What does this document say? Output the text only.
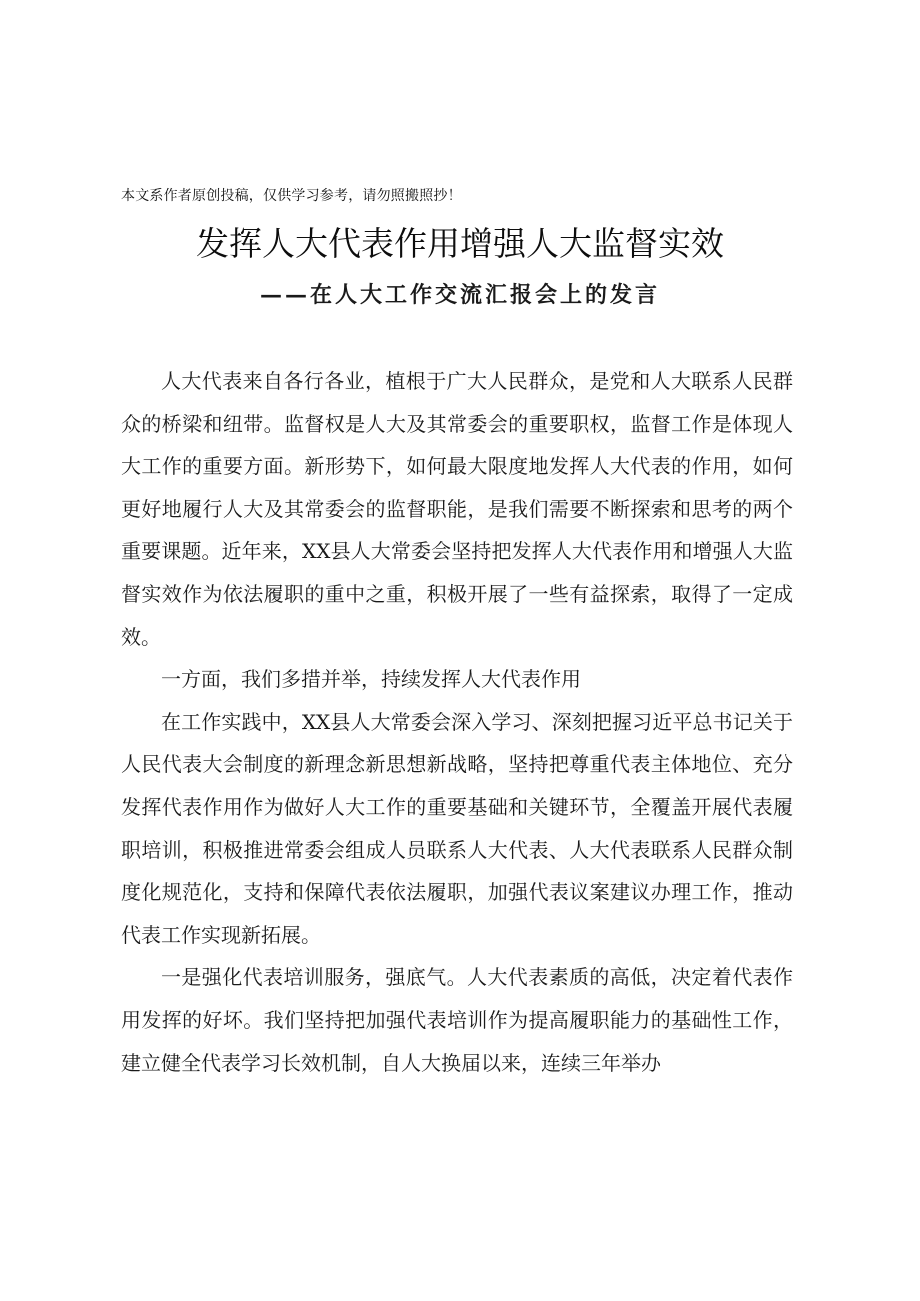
本文系作者原创投稿，仅供学习参考，请勿照搬照抄！
发挥人大代表作用增强人大监督实效
——在人大工作交流汇报会上的发言

人大代表来自各行各业，植根于广大人民群众，是党和人大联系人民群众的桥梁和纽带。监督权是人大及其常委会的重要职权，监督工作是体现人大工作的重要方面。新形势下，如何最大限度地发挥人大代表的作用，如何更好地履行人大及其常委会的监督职能，是我们需要不断探索和思考的两个重要课题。近年来，XX县人大常委会坚持把发挥人大代表作用和增强人大监督实效作为依法履职的重中之重，积极开展了一些有益探索，取得了一定成效。

一方面，我们多措并举，持续发挥人大代表作用

在工作实践中，XX县人大常委会深入学习、深刻把握习近平总书记关于人民代表大会制度的新理念新思想新战略，坚持把尊重代表主体地位、充分发挥代表作用作为做好人大工作的重要基础和关键环节，全覆盖开展代表履职培训，积极推进常委会组成人员联系人大代表、人大代表联系人民群众制度化规范化，支持和保障代表依法履职，加强代表议案建议办理工作，推动代表工作实现新拓展。

一是强化代表培训服务，强底气。人大代表素质的高低，决定着代表作用发挥的好坏。我们坚持把加强代表培训作为提高履职能力的基础性工作，建立健全代表学习长效机制，自人大换届以来，连续三年举办
